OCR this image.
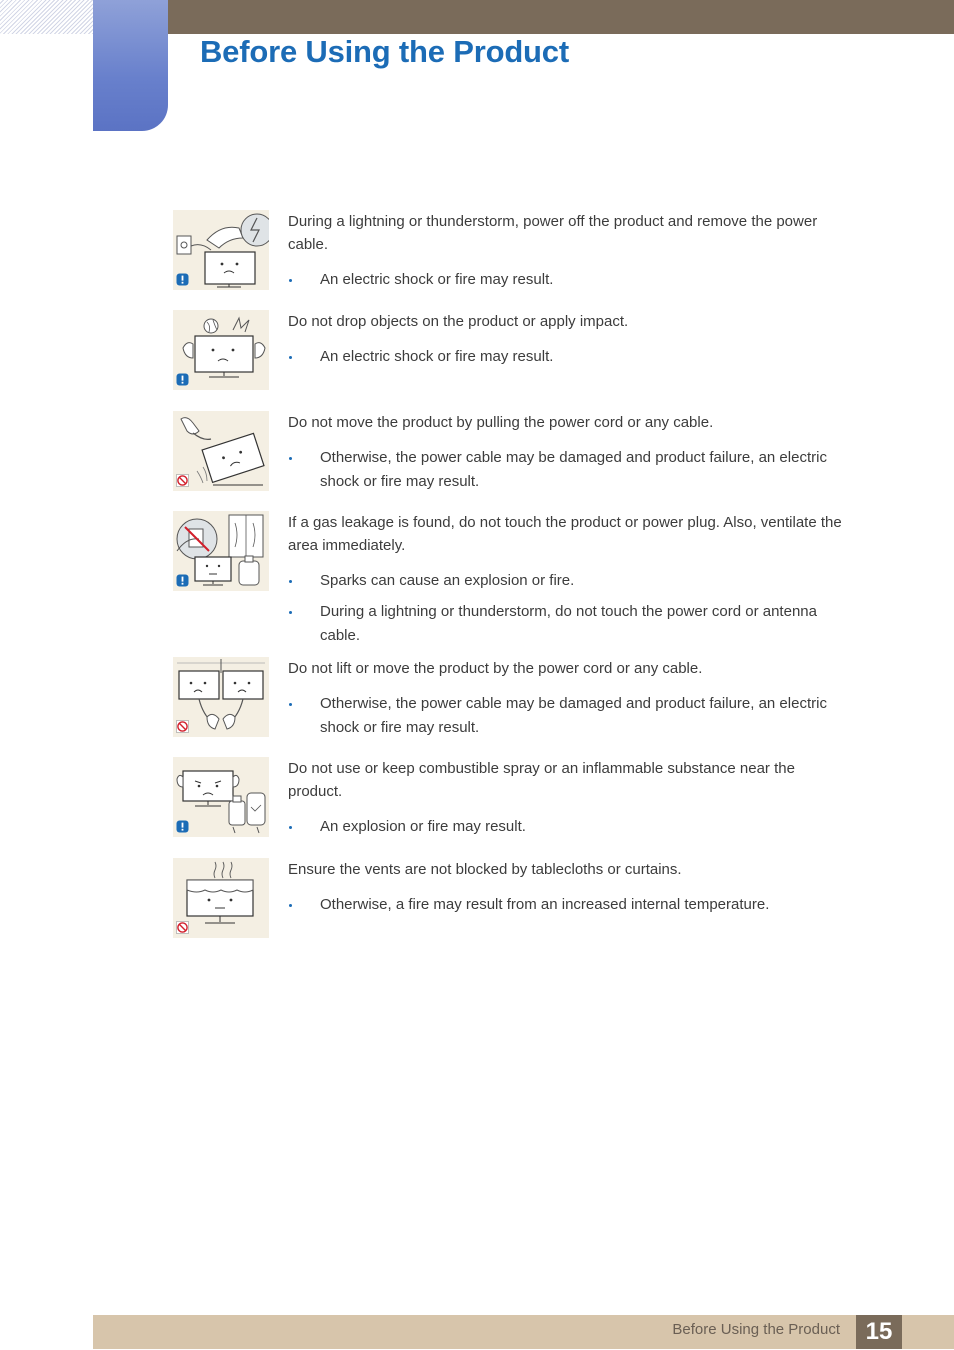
Before Using the Product

During a lightning or thunderstorm, power off the product and remove the power cable.

An electric shock or fire may result.

Do not drop objects on the product or apply impact.

An electric shock or fire may result.

Do not move the product by pulling the power cord or any cable.

Otherwise, the power cable may be damaged and product failure, an electric shock or fire may result.

If a gas leakage is found, do not touch the product or power plug. Also, ventilate the area immediately.

Sparks can cause an explosion or fire.
During a lightning or thunderstorm, do not touch the power cord or antenna cable.

Do not lift or move the product by the power cord or any cable.

Otherwise, the power cable may be damaged and product failure, an electric shock or fire may result.

Do not use or keep combustible spray or an inflammable substance near the product.

An explosion or fire may result.

Ensure the vents are not blocked by tablecloths or curtains.

Otherwise, a fire may result from an increased internal temperature.
Before Using the Product	15
